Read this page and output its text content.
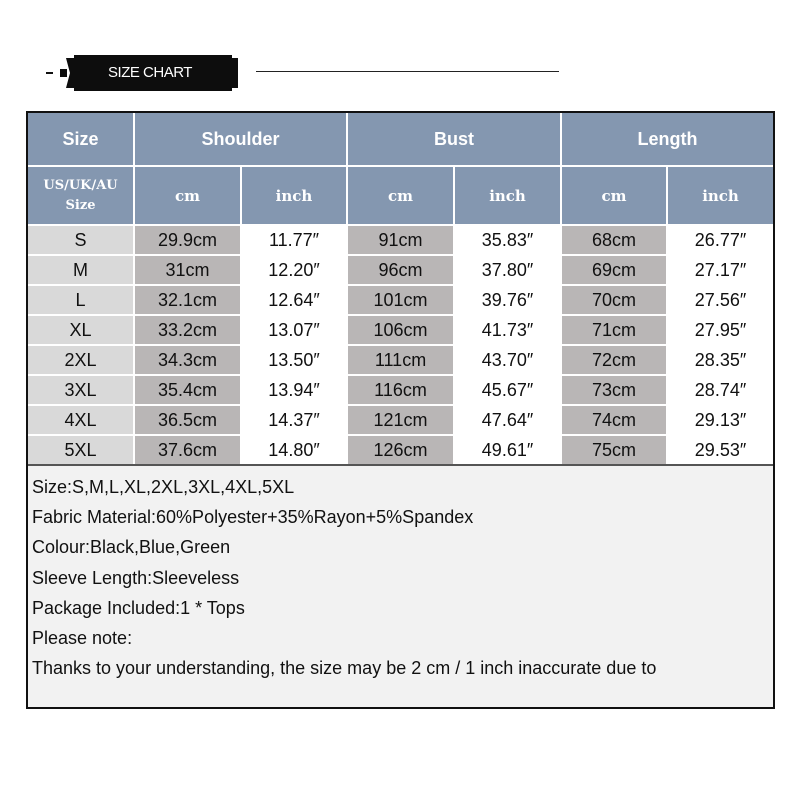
SIZE CHART
Size	Shoulder		Bust		Length	
US/UK/AU
Size	cm	inch	cm	inch	cm	inch
S	29.9cm	11.77″	91cm	35.83″	68cm	26.77″
M	31cm	12.20″	96cm	37.80″	69cm	27.17″
L	32.1cm	12.64″	101cm	39.76″	70cm	27.56″
XL	33.2cm	13.07″	106cm	41.73″	71cm	27.95″
2XL	34.3cm	13.50″	111cm	43.70″	72cm	28.35″
3XL	35.4cm	13.94″	116cm	45.67″	73cm	28.74″
4XL	36.5cm	14.37″	121cm	47.64″	74cm	29.13″
5XL	37.6cm	14.80″	126cm	49.61″	75cm	29.53″
Size:S,M,L,XL,2XL,3XL,4XL,5XL
Fabric Material:60%Polyester+35%Rayon+5%Spandex
Colour:Black,Blue,Green
Sleeve Length:Sleeveless
Package Included:1 * Tops
Please note:
Thanks to your understanding, the size may be 2 cm / 1 inch inaccurate due to
